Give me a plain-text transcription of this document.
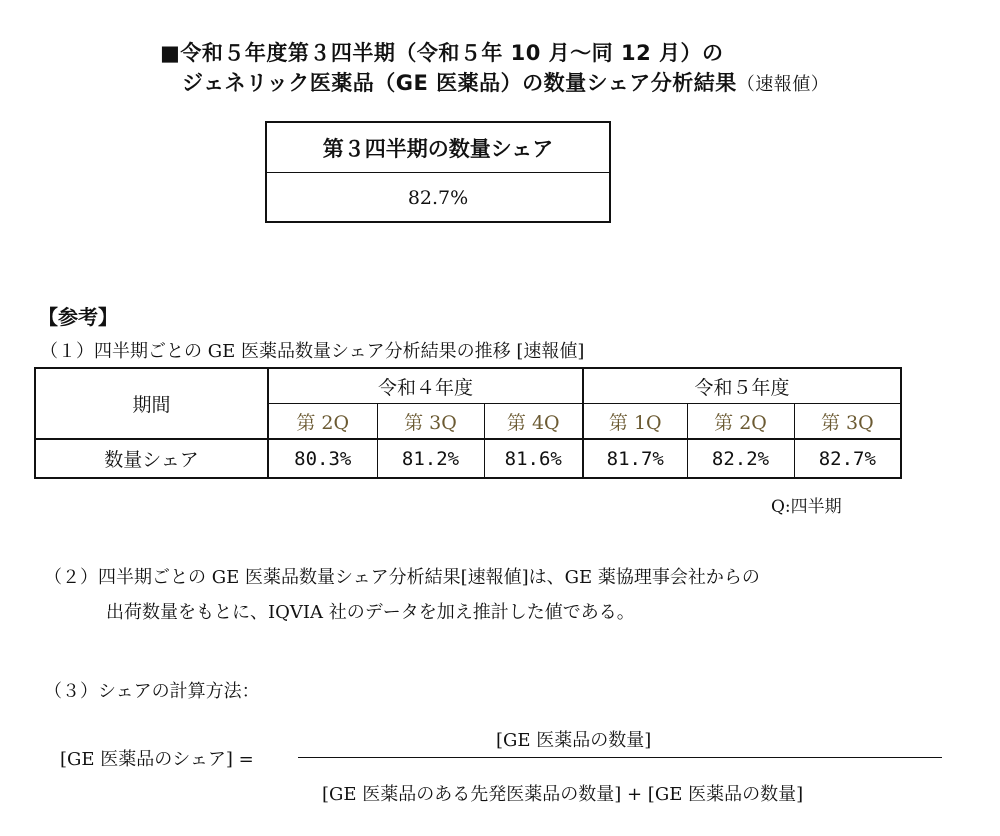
■令和５年度第３四半期（令和５年 10 月～同 12 月）の
ジェネリック医薬品（GE 医薬品）の数量シェア分析結果（速報値）
第３四半期の数量シェア
82.7%
【参考】
（１）四半期ごとの GE 医薬品数量シェア分析結果の推移 [速報値]
期間	令和４年度			令和５年度		
	第 2Q	第 3Q	第 4Q	第 1Q	第 2Q	第 3Q
数量シェア	80.3%	81.2%	81.6%	81.7%	82.2%	82.7%
Q:四半期
（２）四半期ごとの GE 医薬品数量シェア分析結果[速報値]は、GE 薬協理事会社からの
出荷数量をもとに、IQVIA 社のデータを加え推計した値である。
（３）シェアの計算方法：
[GE 医薬品の数量]
[GE 医薬品のシェア] =
[GE 医薬品のある先発医薬品の数量] + [GE 医薬品の数量]
